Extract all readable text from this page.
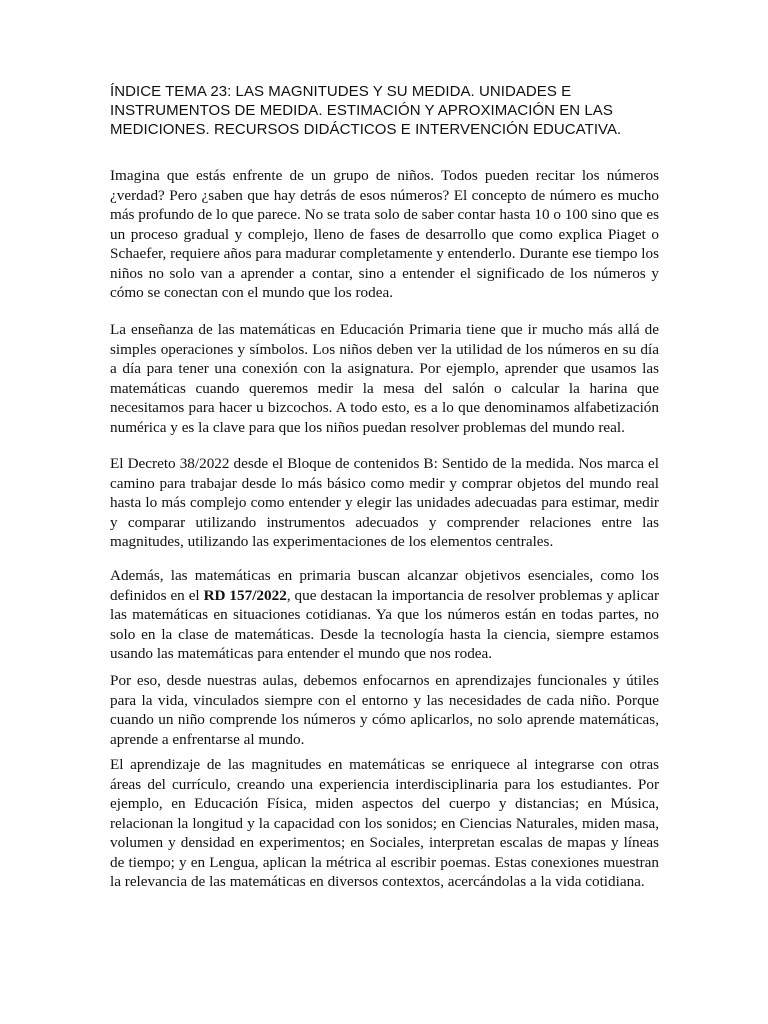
ÍNDICE TEMA 23: LAS MAGNITUDES Y SU MEDIDA. UNIDADES E INSTRUMENTOS DE MEDIDA. ESTIMACIÓN Y APROXIMACIÓN EN LAS MEDICIONES. RECURSOS DIDÁCTICOS E INTERVENCIÓN EDUCATIVA.

Imagina que estás enfrente de un grupo de niños. Todos pueden recitar los números ¿verdad? Pero ¿saben que hay detrás de esos números? El concepto de número es mucho más profundo de lo que parece. No se trata solo de saber contar hasta 10 o 100 sino que es un proceso gradual y complejo, lleno de fases de desarrollo que como explica Piaget o Schaefer, requiere años para madurar completamente y entenderlo. Durante ese tiempo los niños no solo van a aprender a contar, sino a entender el significado de los números y cómo se conectan con el mundo que los rodea.

La enseñanza de las matemáticas en Educación Primaria tiene que ir mucho más allá de simples operaciones y símbolos. Los niños deben ver la utilidad de los números en su día a día para tener una conexión con la asignatura. Por ejemplo, aprender que usamos las matemáticas cuando queremos medir la mesa del salón o calcular la harina que necesitamos para hacer u bizcochos. A todo esto, es a lo que denominamos alfabetización numérica y es la clave para que los niños puedan resolver problemas del mundo real.

El Decreto 38/2022 desde el Bloque de contenidos B: Sentido de la medida. Nos marca el camino para trabajar desde lo más básico como medir y comprar objetos del mundo real hasta lo más complejo como entender y elegir las unidades adecuadas para estimar, medir y comparar utilizando instrumentos adecuados y comprender relaciones entre las magnitudes, utilizando las experimentaciones de los elementos centrales.

Además, las matemáticas en primaria buscan alcanzar objetivos esenciales, como los definidos en el RD 157/2022, que destacan la importancia de resolver problemas y aplicar las matemáticas en situaciones cotidianas. Ya que los números están en todas partes, no solo en la clase de matemáticas. Desde la tecnología hasta la ciencia, siempre estamos usando las matemáticas para entender el mundo que nos rodea.

Por eso, desde nuestras aulas, debemos enfocarnos en aprendizajes funcionales y útiles para la vida, vinculados siempre con el entorno y las necesidades de cada niño. Porque cuando un niño comprende los números y cómo aplicarlos, no solo aprende matemáticas, aprende a enfrentarse al mundo.

El aprendizaje de las magnitudes en matemáticas se enriquece al integrarse con otras áreas del currículo, creando una experiencia interdisciplinaria para los estudiantes. Por ejemplo, en Educación Física, miden aspectos del cuerpo y distancias; en Música, relacionan la longitud y la capacidad con los sonidos; en Ciencias Naturales, miden masa, volumen y densidad en experimentos; en Sociales, interpretan escalas de mapas y líneas de tiempo; y en Lengua, aplican la métrica al escribir poemas. Estas conexiones muestran la relevancia de las matemáticas en diversos contextos, acercándolas a la vida cotidiana.
